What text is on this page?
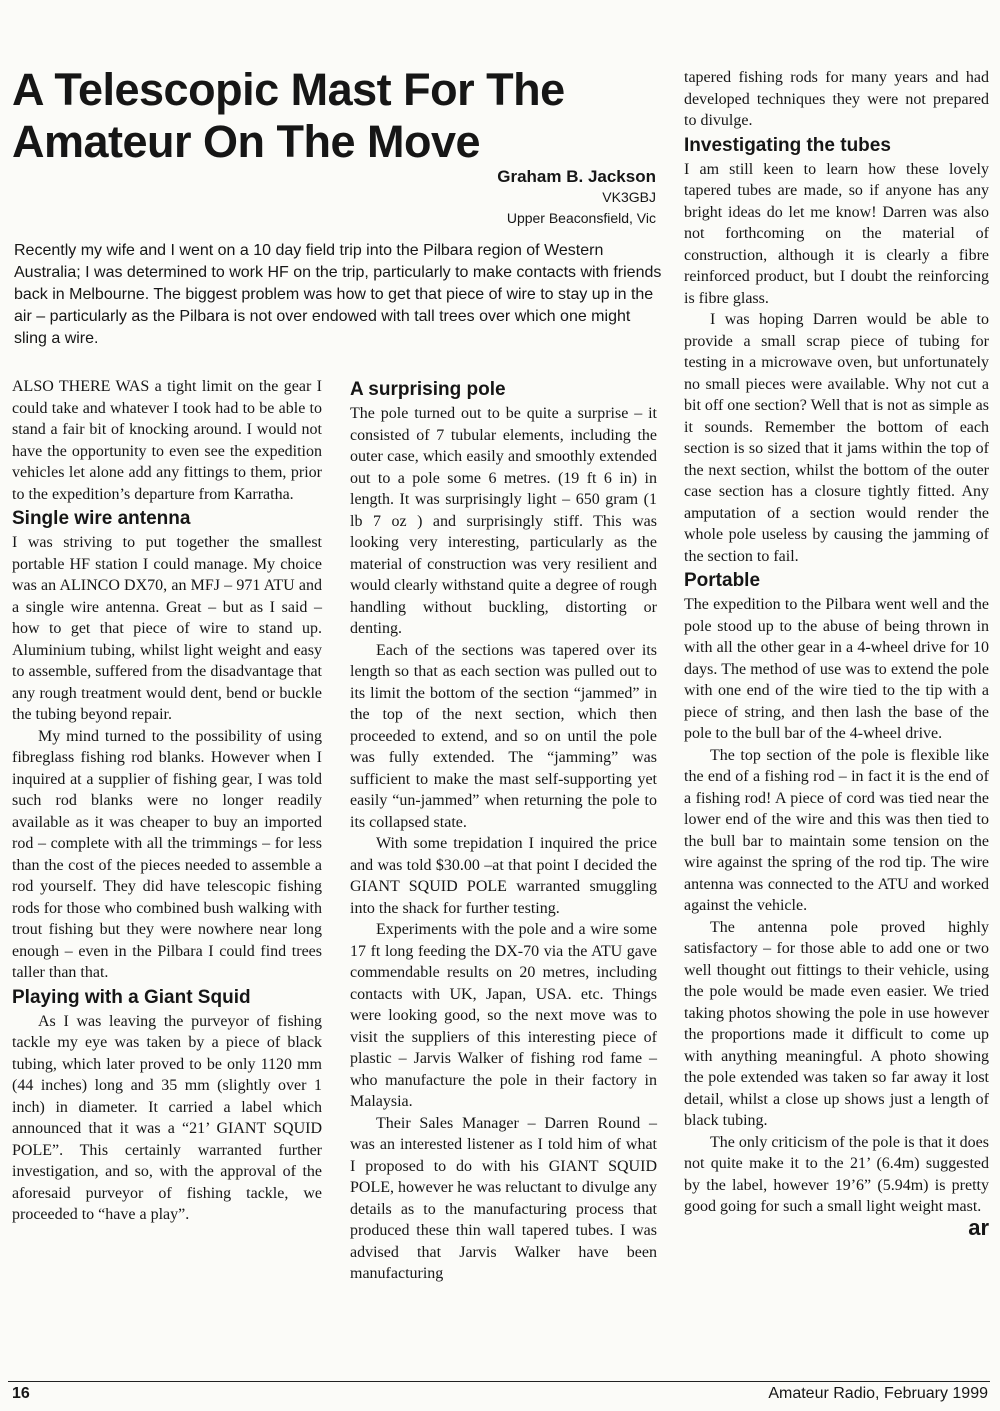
A Telescopic Mast For The Amateur On The Move
Graham B. Jackson
VK3GBJ
Upper Beaconsfield, Vic
Recently my wife and I went on a 10 day field trip into the Pilbara region of Western Australia; I was determined to work HF on the trip, particularly to make contacts with friends back in Melbourne. The biggest problem was how to get that piece of wire to stay up in the air – particularly as the Pilbara is not over endowed with tall trees over which one might sling a wire.

ALSO THERE WAS a tight limit on the gear I could take and whatever I took had to be able to stand a fair bit of knocking around. I would not have the opportunity to even see the expedition vehicles let alone add any fittings to them, prior to the expedition’s departure from Karratha.

Single wire antenna

I was striving to put together the smallest portable HF station I could manage. My choice was an ALINCO DX70, an MFJ – 971 ATU and a single wire antenna. Great – but as I said – how to get that piece of wire to stand up. Aluminium tubing, whilst light weight and easy to assemble, suffered from the disadvantage that any rough treatment would dent, bend or buckle the tubing beyond repair.

My mind turned to the possibility of using fibreglass fishing rod blanks. However when I inquired at a supplier of fishing gear, I was told such rod blanks were no longer readily available as it was cheaper to buy an imported rod – complete with all the trimmings – for less than the cost of the pieces needed to assemble a rod yourself. They did have telescopic fishing rods for those who combined bush walking with trout fishing but they were nowhere near long enough – even in the Pilbara I could find trees taller than that.

Playing with a Giant Squid

As I was leaving the purveyor of fishing tackle my eye was taken by a piece of black tubing, which later proved to be only 1120 mm (44 inches) long and 35 mm (slightly over 1 inch) in diameter. It carried a label which announced that it was a “21’ GIANT SQUID POLE”. This certainly warranted further investigation, and so, with the approval of the aforesaid purveyor of fishing tackle, we proceeded to “have a play”.

A surprising pole

The pole turned out to be quite a surprise – it consisted of 7 tubular elements, including the outer case, which easily and smoothly extended out to a pole some 6 metres. (19 ft 6 in) in length. It was surprisingly light – 650 gram (1 lb 7 oz ) and surprisingly stiff. This was looking very interesting, particularly as the material of construction was very resilient and would clearly withstand quite a degree of rough handling without buckling, distorting or denting.

Each of the sections was tapered over its length so that as each section was pulled out to its limit the bottom of the section “jammed” in the top of the next section, which then proceeded to extend, and so on until the pole was fully extended. The “jamming” was sufficient to make the mast self-supporting yet easily “un-jammed” when returning the pole to its collapsed state.

With some trepidation I inquired the price and was told $30.00 –at that point I decided the GIANT SQUID POLE warranted smuggling into the shack for further testing.

Experiments with the pole and a wire some 17 ft long feeding the DX-70 via the ATU gave commendable results on 20 metres, including contacts with UK, Japan, USA. etc. Things were looking good, so the next move was to visit the suppliers of this interesting piece of plastic – Jarvis Walker of fishing rod fame – who manufacture the pole in their factory in Malaysia.

Their Sales Manager – Darren Round – was an interested listener as I told him of what I proposed to do with his GIANT SQUID POLE, however he was reluctant to divulge any details as to the manufacturing process that produced these thin wall tapered tubes. I was advised that Jarvis Walker have been manufacturing

tapered fishing rods for many years and had developed techniques they were not prepared to divulge.

Investigating the tubes

I am still keen to learn how these lovely tapered tubes are made, so if anyone has any bright ideas do let me know! Darren was also not forthcoming on the material of construction, although it is clearly a fibre reinforced product, but I doubt the reinforcing is fibre glass.

I was hoping Darren would be able to provide a small scrap piece of tubing for testing in a microwave oven, but unfortunately no small pieces were available. Why not cut a bit off one section? Well that is not as simple as it sounds. Remember the bottom of each section is so sized that it jams within the top of the next section, whilst the bottom of the outer case section has a closure tightly fitted. Any amputation of a section would render the whole pole useless by causing the jamming of the section to fail.

Portable

The expedition to the Pilbara went well and the pole stood up to the abuse of being thrown in with all the other gear in a 4-wheel drive for 10 days. The method of use was to extend the pole with one end of the wire tied to the tip with a piece of string, and then lash the base of the pole to the bull bar of the 4-wheel drive.

The top section of the pole is flexible like the end of a fishing rod – in fact it is the end of a fishing rod! A piece of cord was tied near the lower end of the wire and this was then tied to the bull bar to maintain some tension on the wire against the spring of the rod tip. The wire antenna was connected to the ATU and worked against the vehicle.

The antenna pole proved highly satisfactory – for those able to add one or two well thought out fittings to their vehicle, using the pole would be made even easier. We tried taking photos showing the pole in use however the proportions made it difficult to come up with anything meaningful. A photo showing the pole extended was taken so far away it lost detail, whilst a close up shows just a length of black tubing.

The only criticism of the pole is that it does not quite make it to the 21’ (6.4m) suggested by the label, however 19’6” (5.94m) is pretty good going for such a small light weight mast.
ar

16	Amateur Radio, February 1999
